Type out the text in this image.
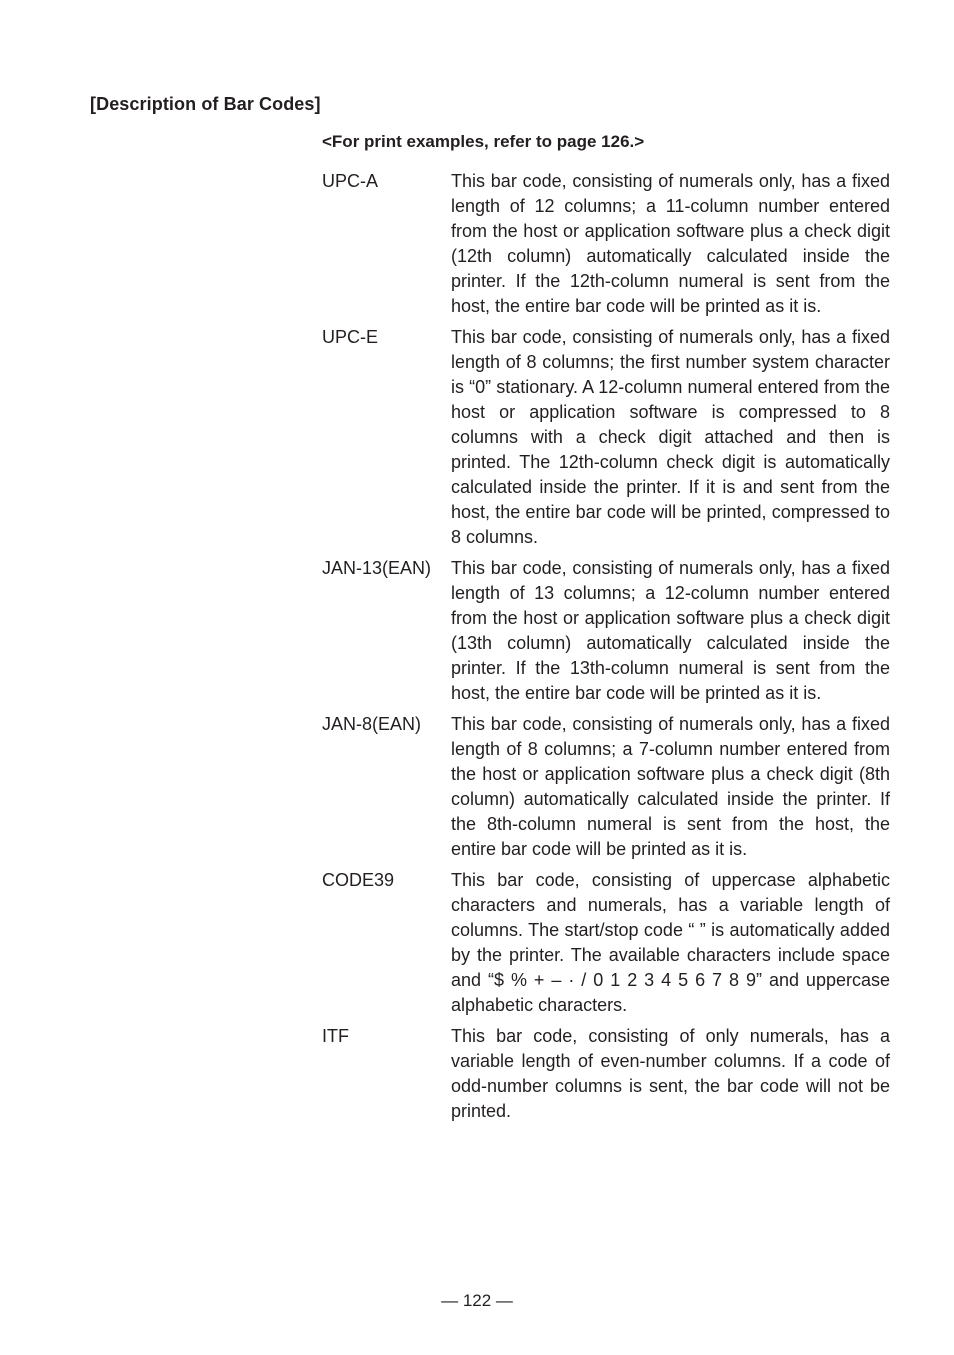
[Description of Bar Codes]

<For print examples, refer to page 126.>

UPC-A	This bar code, consisting of numerals only, has a fixed length of 12 columns; a 11-column number entered from the host or application software plus a check digit (12th column) automatically calculated inside the printer. If the 12th-column numeral is sent from the host, the entire bar code will be printed as it is.
UPC-E	This bar code, consisting of numerals only, has a fixed length of 8 columns; the first number system character is “0” stationary. A 12-column numeral entered from the host or application software is compressed to 8 columns with a check digit attached and then is printed. The 12th-column check digit is automatically calculated inside the printer. If it is and sent from the host, the entire bar code will be printed, compressed to 8 columns.
JAN-13(EAN)	This bar code, consisting of numerals only, has a fixed length of 13 columns; a 12-column number entered from the host or application software plus a check digit (13th column) automatically calculated inside the printer. If the 13th-column numeral is sent from the host, the entire bar code will be printed as it is.
JAN-8(EAN)	This bar code, consisting of numerals only, has a fixed length of 8 columns; a 7-column number entered from the host or application software plus a check digit (8th column) automatically calculated inside the printer. If the 8th-column numeral is sent from the host, the entire bar code will be printed as it is.
CODE39	This bar code, consisting of uppercase alphabetic characters and numerals, has a variable length of columns. The start/stop code “ ” is automatically added by the printer. The available characters include space and “$ % + – · / 0 1 2 3 4 5 6 7 8 9” and uppercase alphabetic characters.
ITF	This bar code, consisting of only numerals, has a variable length of even-number columns. If a code of odd-number columns is sent, the bar code will not be printed.
— 122 —
